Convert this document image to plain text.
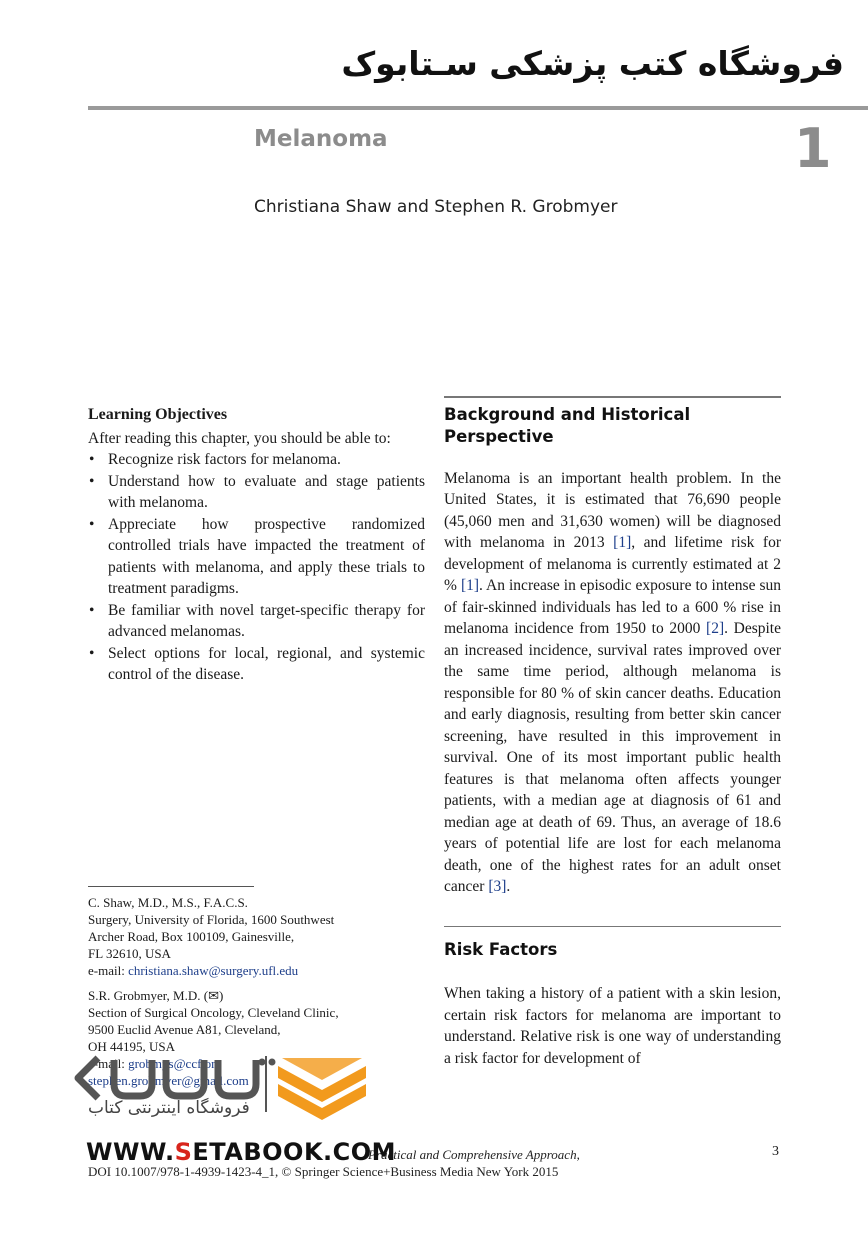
فروشگاه کتب پزشکی سـتابوک
Melanoma	1
Christiana Shaw and Stephen R. Grobmyer

Learning Objectives

After reading this chapter, you should be able to:

• Recognize risk factors for melanoma.
• Understand how to evaluate and stage patients with melanoma.
• Appreciate how prospective randomized controlled trials have impacted the treatment of patients with melanoma, and apply these trials to treatment paradigms.
• Be familiar with novel target-specific therapy for advanced melanomas.
• Select options for local, regional, and systemic control of the disease.
Background and Historical
Perspective

Melanoma is an important health problem. In the United States, it is estimated that 76,690 people (45,060 men and 31,630 women) will be diagnosed with melanoma in 2013 [1], and lifetime risk for development of melanoma is currently estimated at 2 % [1]. An increase in episodic exposure to intense sun of fair-skinned individuals has led to a 600 % rise in melanoma incidence from 1950 to 2000 [2]. Despite an increased incidence, survival rates improved over the same time period, although melanoma is responsible for 80 % of skin cancer deaths. Education and early diagnosis, resulting from better skin cancer screening, have resulted in this improvement in survival. One of its most important public health features is that melanoma often affects younger patients, with a median age at diagnosis of 61 and median age at death of 69. Thus, an average of 18.6 years of potential life are lost for each melanoma death, one of the highest rates for an adult onset cancer [3].

Risk Factors

When taking a history of a patient with a skin lesion, certain risk factors for melanoma are important to understand. Relative risk is one way of understanding a risk factor for development of

C. Shaw, M.D., M.S., F.A.C.S.

Surgery, University of Florida, 1600 Southwest

Archer Road, Box 100109, Gainesville,

FL 32610, USA

e-mail: christiana.shaw@surgery.ufl.edu

S.R. Grobmyer, M.D. (✉)

Section of Surgical Oncology, Cleveland Clinic,

9500 Euclid Avenue A81, Cleveland,

OH 44195, USA

e-mail: grobmys@ccf.org

stephen.grobmyer@gmail.com

فروشگاه اینترنتی کتاب

Practical and Comprehensive Approach,

DOI 10.1007/978-1-4939-1423-4_1, © Springer Science+Business Media New York 2015

WWW.SETABOOK.COM	3
